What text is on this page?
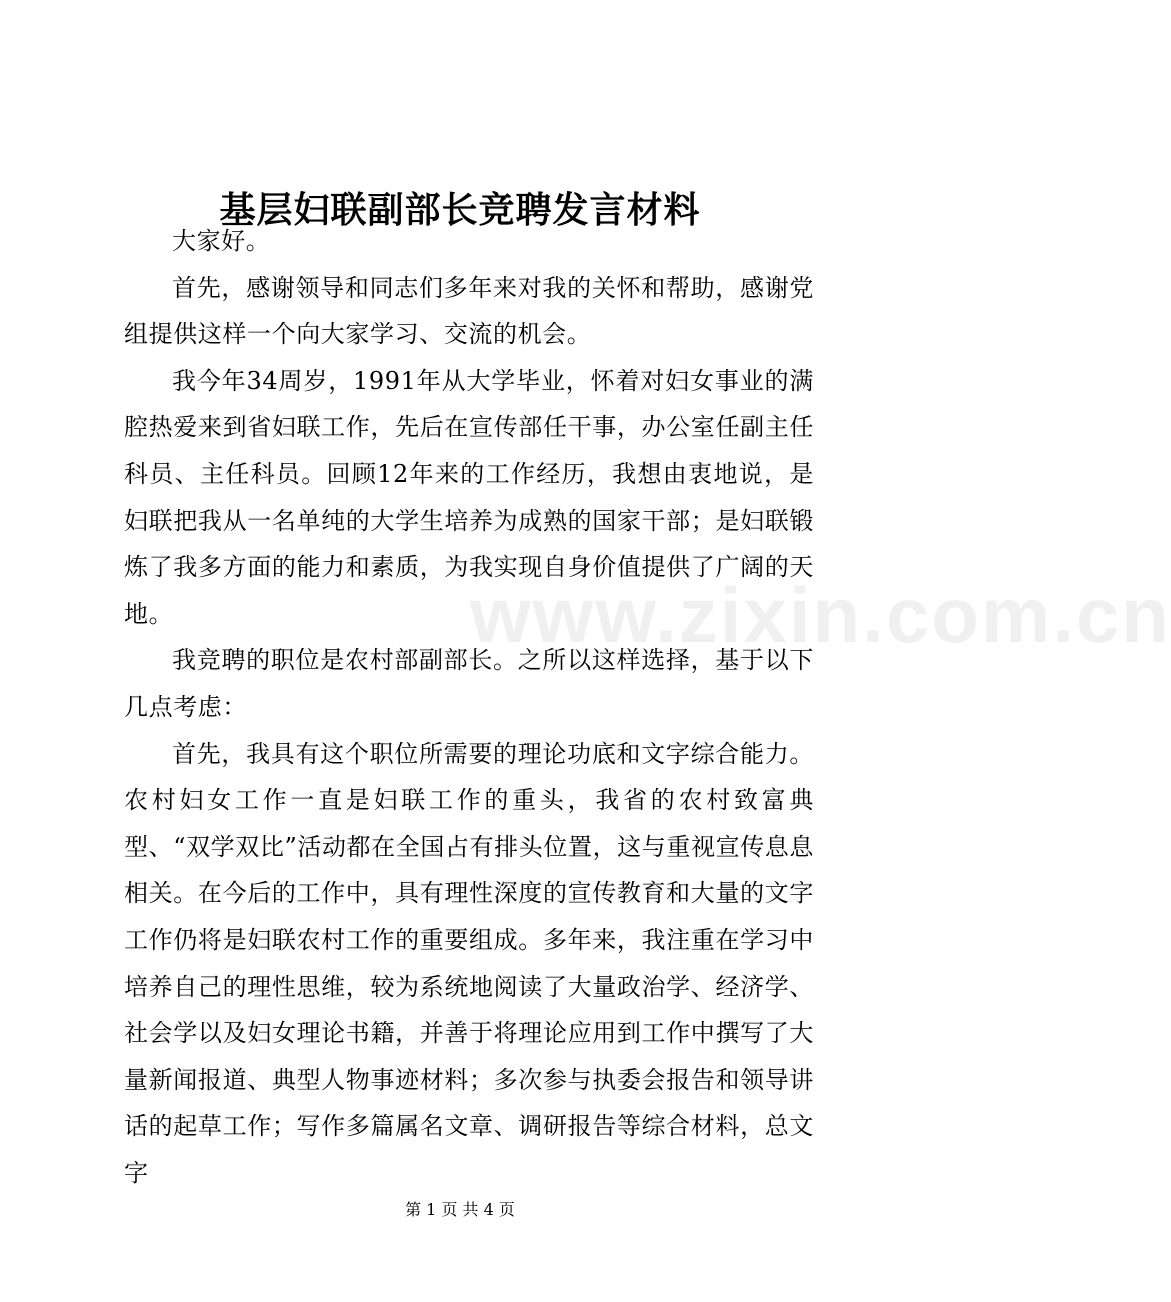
www.zixin.com.cn
基层妇联副部长竞聘发言材料

大家好。

首先，感谢领导和同志们多年来对我的关怀和帮助，感谢党组提供这样一个向大家学习、交流的机会。

我今年34周岁，1991年从大学毕业，怀着对妇女事业的满腔热爱来到省妇联工作，先后在宣传部任干事，办公室任副主任科员、主任科员。回顾12年来的工作经历，我想由衷地说，是妇联把我从一名单纯的大学生培养为成熟的国家干部；是妇联锻炼了我多方面的能力和素质，为我实现自身价值提供了广阔的天地。

我竞聘的职位是农村部副部长。之所以这样选择，基于以下几点考虑：

首先，我具有这个职位所需要的理论功底和文字综合能力。农村妇女工作一直是妇联工作的重头，我省的农村致富典型、“双学双比”活动都在全国占有排头位置，这与重视宣传息息相关。在今后的工作中，具有理性深度的宣传教育和大量的文字工作仍将是妇联农村工作的重要组成。多年来，我注重在学习中培养自己的理性思维，较为系统地阅读了大量政治学、经济学、社会学以及妇女理论书籍，并善于将理论应用到工作中撰写了大量新闻报道、典型人物事迹材料；多次参与执委会报告和领导讲话的起草工作；写作多篇属名文章、调研报告等综合材料，总文字

第 1 页 共 4 页
